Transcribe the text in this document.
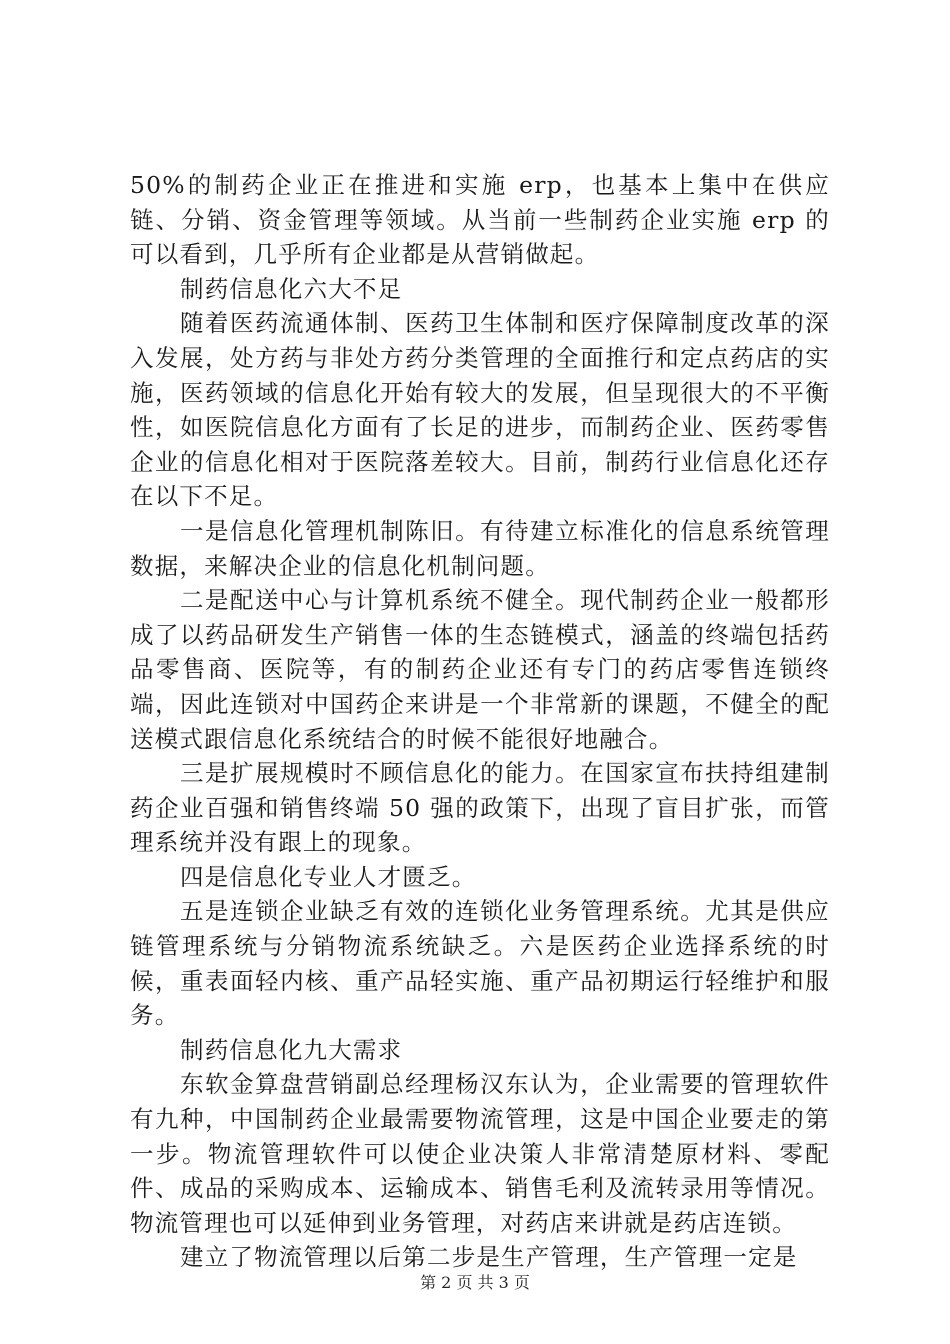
50%的制药企业正在推进和实施 erp，也基本上集中在供应链、分销、资金管理等领域。从当前一些制药企业实施 erp 的可以看到，几乎所有企业都是从营销做起。

制药信息化六大不足

随着医药流通体制、医药卫生体制和医疗保障制度改革的深入发展，处方药与非处方药分类管理的全面推行和定点药店的实施，医药领域的信息化开始有较大的发展，但呈现很大的不平衡性，如医院信息化方面有了长足的进步，而制药企业、医药零售企业的信息化相对于医院落差较大。目前，制药行业信息化还存在以下不足。

一是信息化管理机制陈旧。有待建立标准化的信息系统管理数据，来解决企业的信息化机制问题。

二是配送中心与计算机系统不健全。现代制药企业一般都形成了以药品研发生产销售一体的生态链模式，涵盖的终端包括药品零售商、医院等，有的制药企业还有专门的药店零售连锁终端，因此连锁对中国药企来讲是一个非常新的课题，不健全的配送模式跟信息化系统结合的时候不能很好地融合。

三是扩展规模时不顾信息化的能力。在国家宣布扶持组建制药企业百强和销售终端 50 强的政策下，出现了盲目扩张，而管理系统并没有跟上的现象。

四是信息化专业人才匮乏。

五是连锁企业缺乏有效的连锁化业务管理系统。尤其是供应链管理系统与分销物流系统缺乏。六是医药企业选择系统的时候，重表面轻内核、重产品轻实施、重产品初期运行轻维护和服务。

制药信息化九大需求

东软金算盘营销副总经理杨汉东认为，企业需要的管理软件有九种，中国制药企业最需要物流管理，这是中国企业要走的第一步。物流管理软件可以使企业决策人非常清楚原材料、零配件、成品的采购成本、运输成本、销售毛利及流转录用等情况。物流管理也可以延伸到业务管理，对药店来讲就是药店连锁。

建立了物流管理以后第二步是生产管理，生产管理一定是

第 2 页 共 3 页
